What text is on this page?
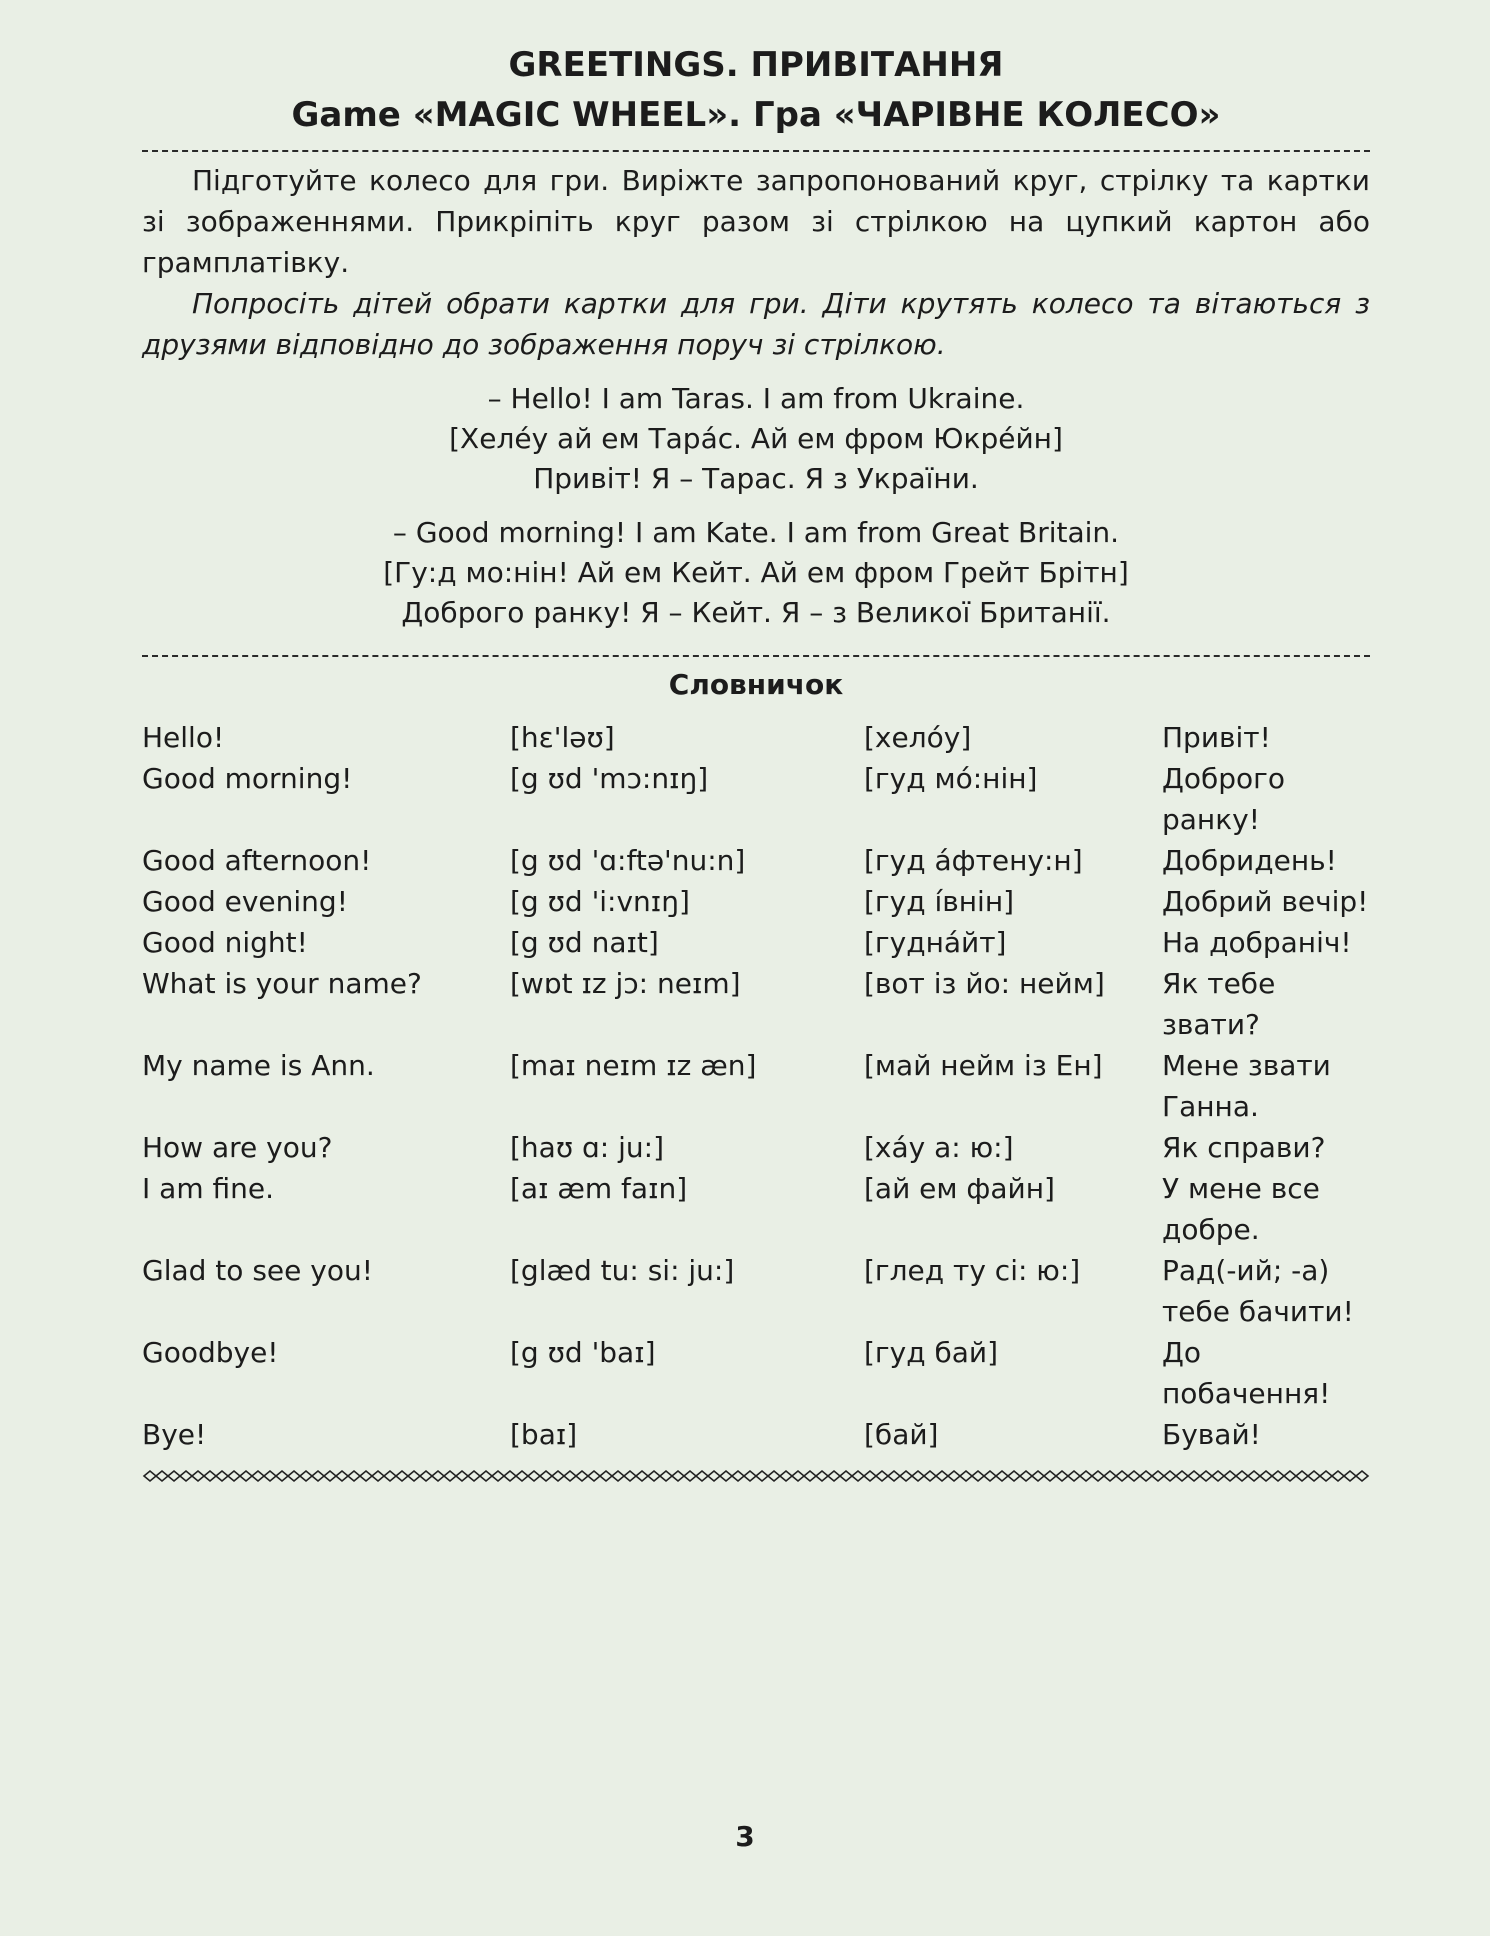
GREETINGS. ПРИВІТАННЯ
Game «MAGIC WHEEL». Гра «ЧАРІВНЕ КОЛЕСО»

Підготуйте колесо для гри. Виріжте запропонований круг, стрілку та картки зі зображеннями. Прикріпіть круг разом зі стрілкою на цупкий картон або грамплатівку.

Попросіть дітей обрати картки для гри. Діти крутять колесо та вітаються з друзями відповідно до зображення поруч зі стрілкою.

– Hello! I am Taras. I am from Ukraine.

[Хелéу ай ем Тарáс. Ай ем фром Юкрéйн]

Привіт! Я – Тарас. Я з України.

– Good morning! I am Kate. I am from Great Britain.

[Гу:д мо:нін! Ай ем Кейт. Ай ем фром Грейт Брітн]

Доброго ранку! Я – Кейт. Я – з Великої Британії.

Словничок
Hello!	[hɛ'ləʊ]	[хелóу]	Привіт!
Good morning!	[g ʊd 'mɔ:nɪŋ]	[гуд мó:нін]	Доброго ранку!
Good afternoon!	[g ʊd 'ɑ:ftə'nu:n]	[гуд áфтену:н]	Добридень!
Good evening!	[g ʊd 'i:vnɪŋ]	[гуд íвнін]	Добрий вечір!
Good night!	[g ʊd naɪt]	[гуднáйт]	На добраніч!
What is your name?	[wɒt ɪz jɔ: neɪm]	[вот із йо: нейм]	Як тебе звати?
My name is Ann.	[maɪ neɪm ɪz æn]	[май нейм із Ен]	Мене звати Ганна.
How are you?	[haʊ ɑ: ju:]	[хáу а: ю:]	Як справи?
I am fine.	[aɪ æm faɪn]	[ай ем файн]	У мене все добре.
Glad to see you!	[glæd tu: si: ju:]	[глед ту сі: ю:]	Рад(-ий; -а) тебе бачити!
Goodbye!	[g ʊd 'baɪ]	[гуд бай]	До побачення!
Bye!	[baɪ]	[бай]	Бувай!
3
